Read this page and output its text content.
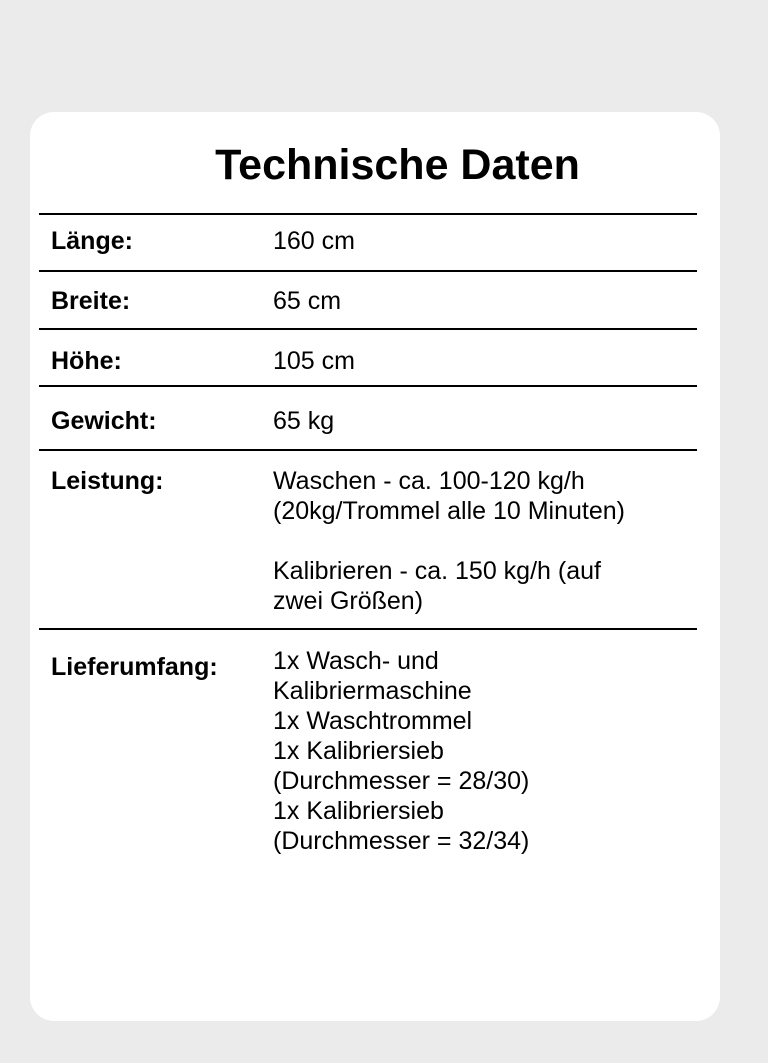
Technische Daten
Länge:	160 cm
Breite:	65 cm
Höhe:	105 cm
Gewicht:	65 kg
Leistung:	Waschen - ca. 100-120 kg/h

(20kg/Trommel alle 10 Minuten)

Kalibrieren - ca. 150 kg/h (auf

zwei Größen)

Lieferumfang: 1x Wasch- und

Kalibriermaschine

1x Waschtrommel

1x Kalibriersieb

(Durchmesser = 28/30)

1x Kalibriersieb

(Durchmesser = 32/34)
